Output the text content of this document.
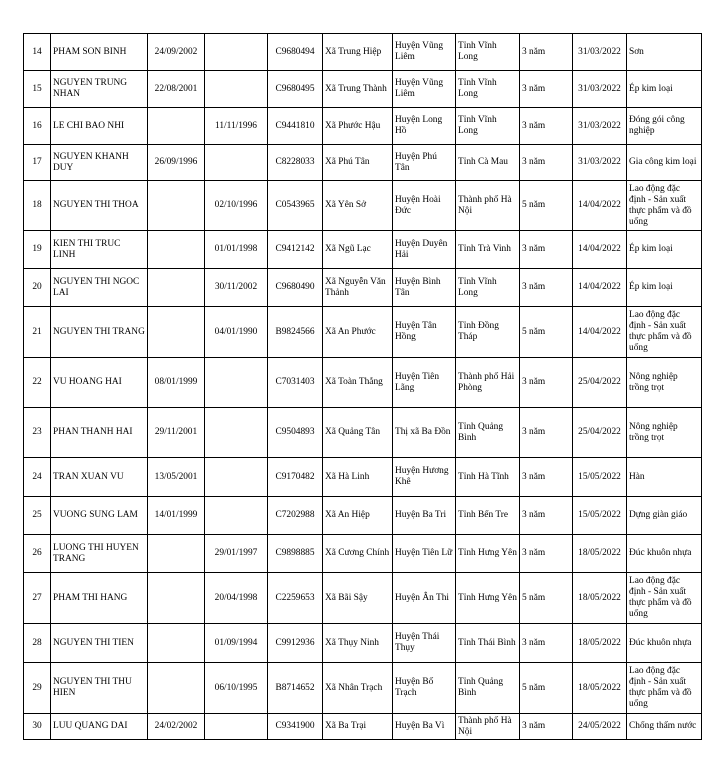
14	PHAM SON BINH	24/09/2002		C9680494	Xã Trung Hiệp	Huyện Vũng Liêm	Tỉnh Vĩnh Long	3 năm	31/03/2022	Sơn
15	NGUYEN TRUNG NHAN	22/08/2001		C9680495	Xã Trung Thành	Huyện Vũng Liêm	Tỉnh Vĩnh Long	3 năm	31/03/2022	Ép kim loại
16	LE CHI BAO NHI		11/11/1996	C9441810	Xã Phước Hậu	Huyện Long Hồ	Tỉnh Vĩnh Long	3 năm	31/03/2022	Đóng gói công nghiệp
17	NGUYEN KHANH DUY	26/09/1996		C8228033	Xã Phú Tân	Huyện Phú Tân	Tỉnh Cà Mau	3 năm	31/03/2022	Gia công kim loại
18	NGUYEN THI THOA		02/10/1996	C0543965	Xã Yên Sở	Huyện Hoài Đức	Thành phố Hà Nội	5 năm	14/04/2022	Lao động đặc định - Sản xuất thực phẩm và đồ uống
19	KIEN THI TRUC LINH		01/01/1998	C9412142	Xã Ngũ Lạc	Huyện Duyên Hải	Tỉnh Trà Vinh	3 năm	14/04/2022	Ép kim loại
20	NGUYEN THI NGOC LAI		30/11/2002	C9680490	Xã Nguyễn Văn Thảnh	Huyện Bình Tân	Tỉnh Vĩnh Long	3 năm	14/04/2022	Ép kim loại
21	NGUYEN THI TRANG		04/01/1990	B9824566	Xã An Phước	Huyện Tân Hồng	Tỉnh Đồng Tháp	5 năm	14/04/2022	Lao động đặc định - Sản xuất thực phẩm và đồ uống
22	VU HOANG HAI	08/01/1999		C7031403	Xã Toàn Thắng	Huyện Tiên Lãng	Thành phố Hải Phòng	3 năm	25/04/2022	Nông nghiệp trồng trọt
23	PHAN THANH HAI	29/11/2001		C9504893	Xã Quảng Tân	Thị xã Ba Đồn	Tỉnh Quảng Bình	3 năm	25/04/2022	Nông nghiệp trồng trọt
24	TRAN XUAN VU	13/05/2001		C9170482	Xã Hà Linh	Huyện Hương Khê	Tỉnh Hà Tĩnh	3 năm	15/05/2022	Hàn
25	VUONG SUNG LAM	14/01/1999		C7202988	Xã An Hiệp	Huyện Ba Tri	Tỉnh Bến Tre	3 năm	15/05/2022	Dựng giàn giáo
26	LUONG THI HUYEN TRANG		29/01/1997	C9898885	Xã Cương Chính	Huyện Tiên Lữ	Tỉnh Hưng Yên	3 năm	18/05/2022	Đúc khuôn nhựa
27	PHAM THI HANG		20/04/1998	C2259653	Xã Bãi Sậy	Huyện Ân Thi	Tỉnh Hưng Yên	5 năm	18/05/2022	Lao động đặc định - Sản xuất thực phẩm và đồ uống
28	NGUYEN THI TIEN		01/09/1994	C9912936	Xã Thụy Ninh	Huyện Thái Thụy	Tỉnh Thái Bình	3 năm	18/05/2022	Đúc khuôn nhựa
29	NGUYEN THI THU HIEN		06/10/1995	B8714652	Xã Nhân Trạch	Huyện Bố Trạch	Tỉnh Quảng Bình	5 năm	18/05/2022	Lao động đặc định - Sản xuất thực phẩm và đồ uống
30	LUU QUANG DAI	24/02/2002		C9341900	Xã Ba Trại	Huyện Ba Vì	Thành phố Hà Nội	3 năm	24/05/2022	Chống thấm nước
